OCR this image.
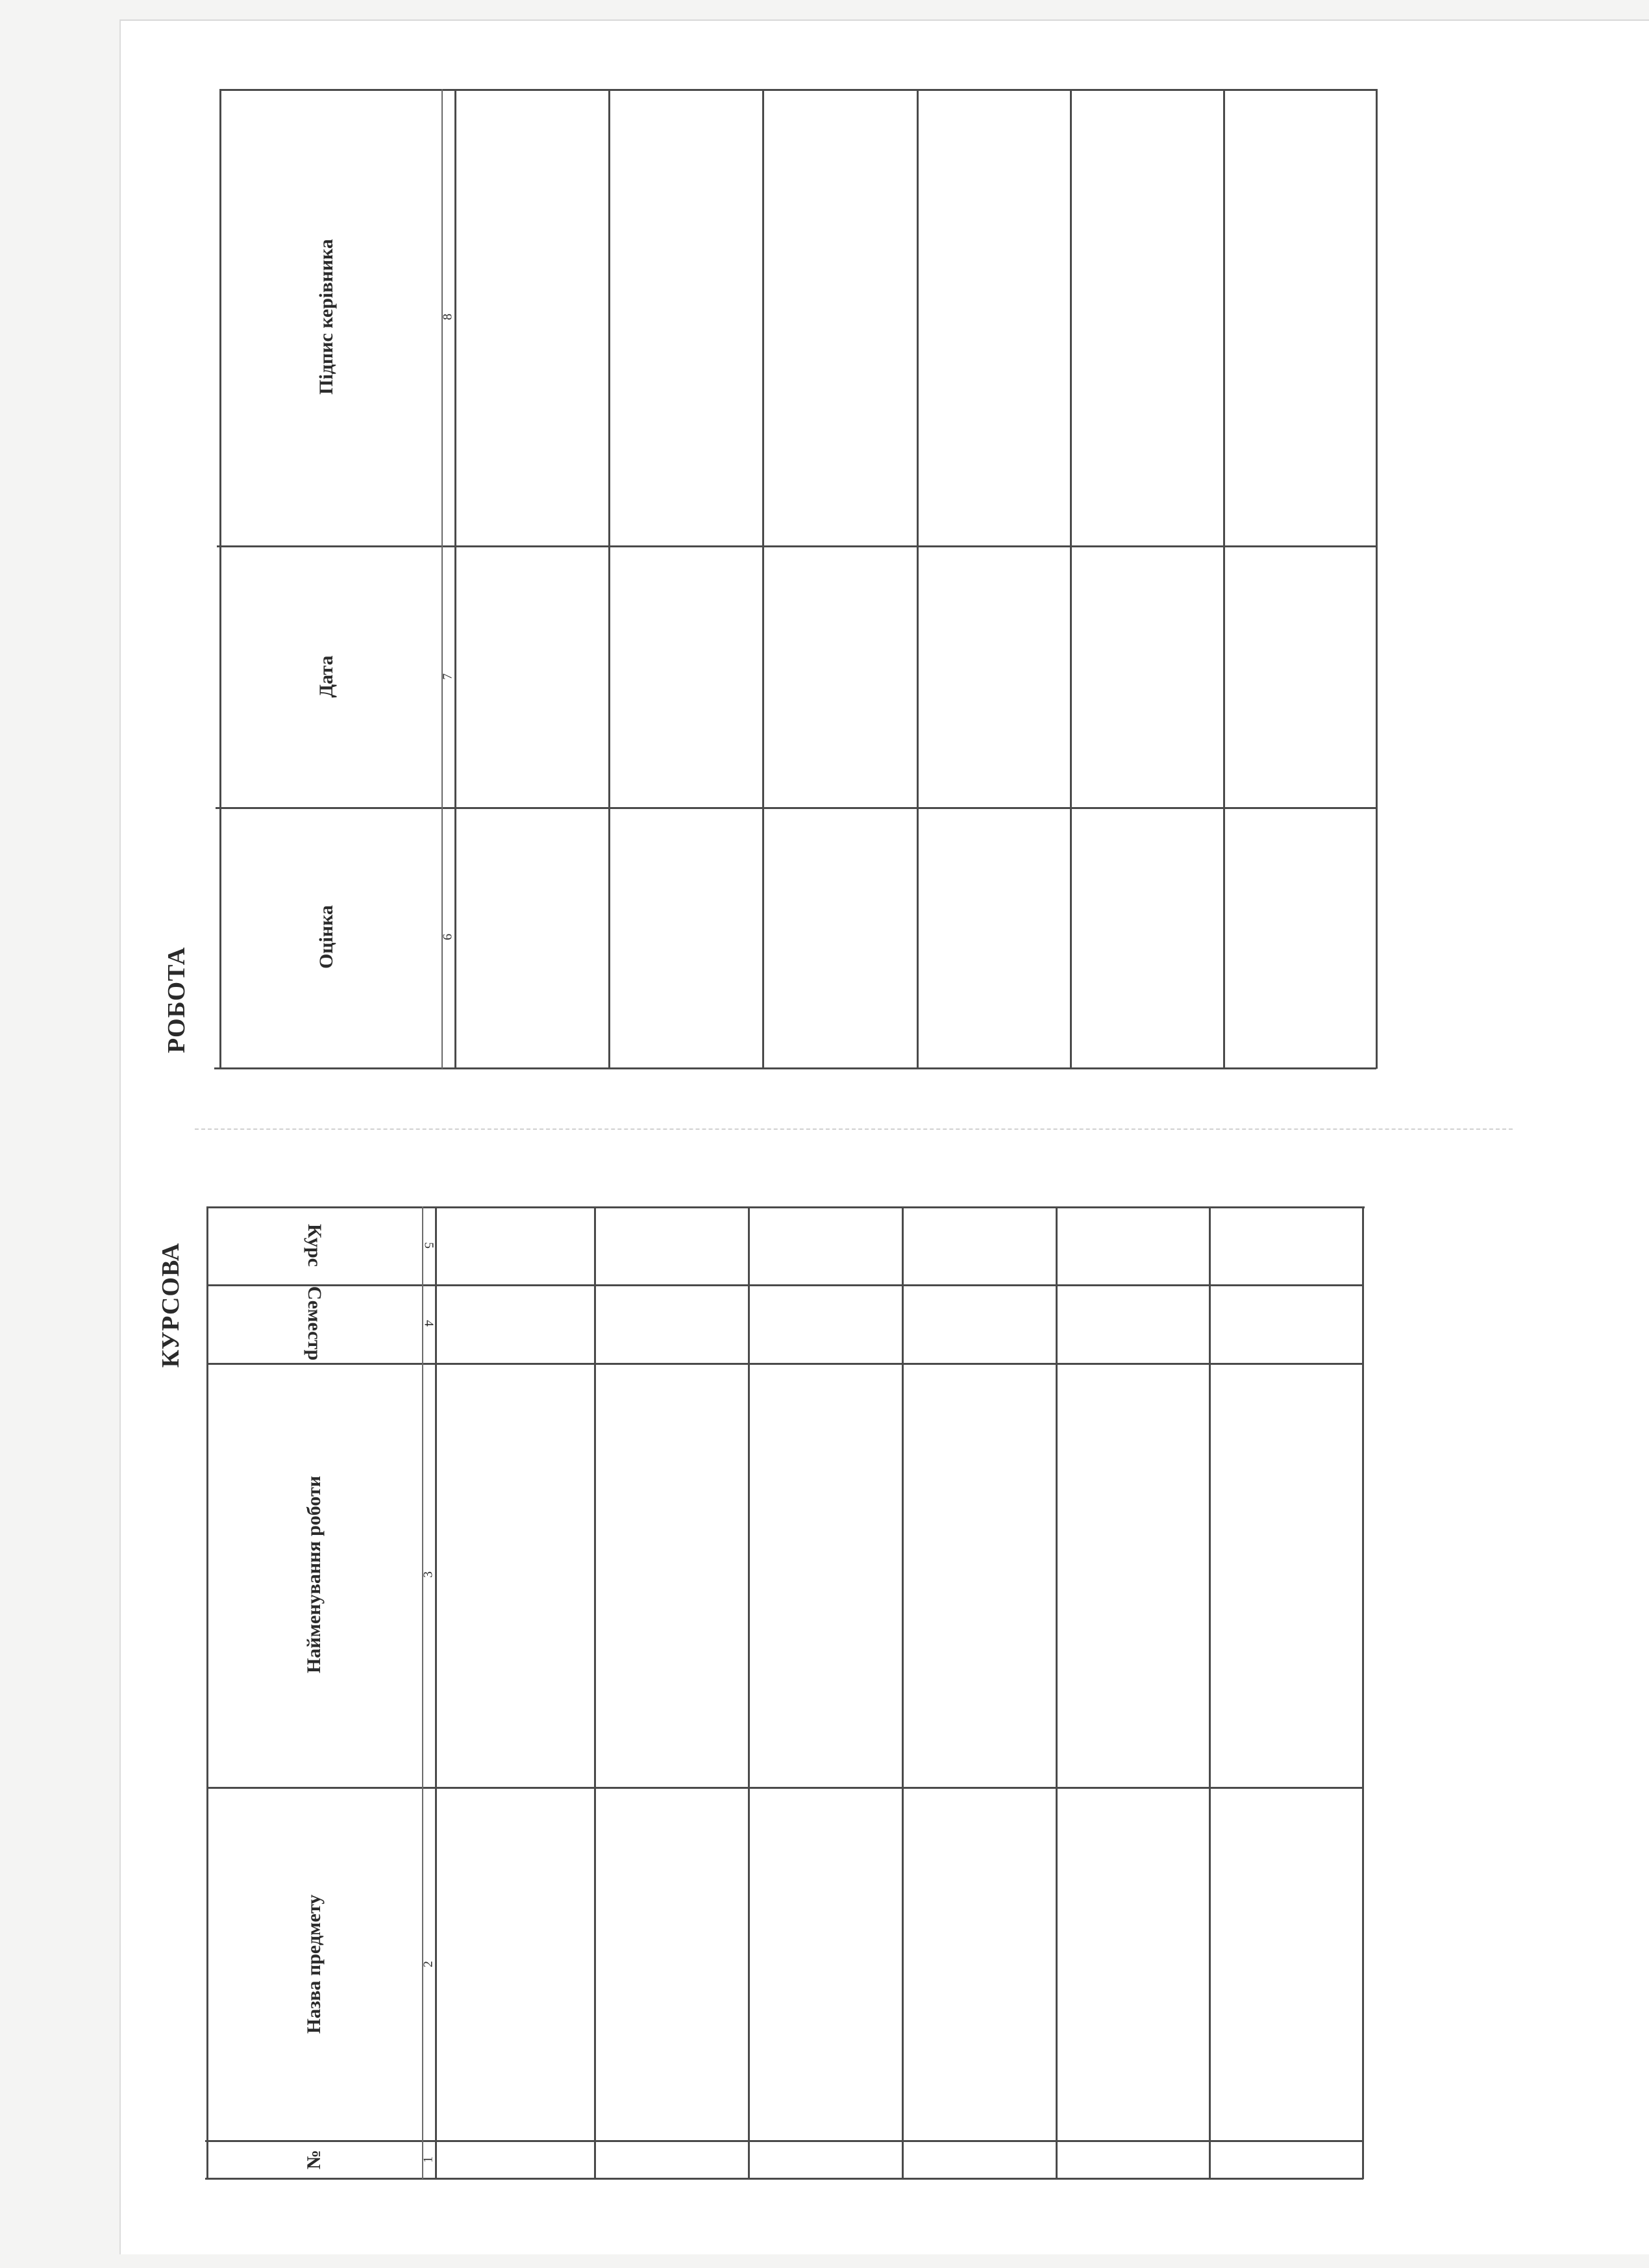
КУРСОВА
РОБОТА
Оцінка
Дата
Підпис керівника
6
7
8
№
Назва предмету
Найменування роботи
Семестр
Курс
1
2
3
4
5
